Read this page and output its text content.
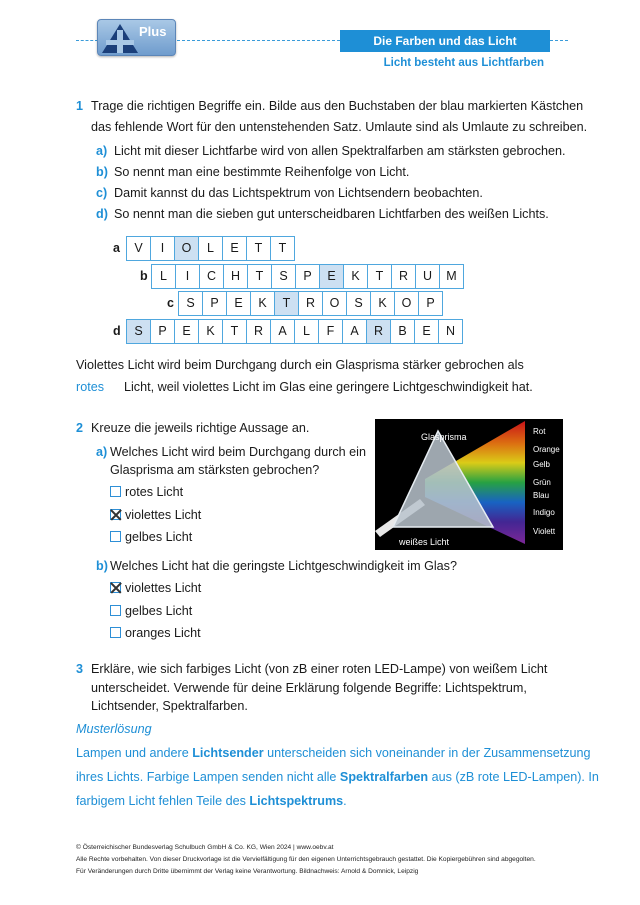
Plus
Die Farben und das Licht
Licht besteht aus Lichtfarben
1 Trage die richtigen Begriffe ein. Bilde aus den Buchstaben der blau markierten Kästchen
das fehlende Wort für den untenstehenden Satz. Umlaute sind als Umlaute zu schreiben.
a) Licht mit dieser Lichtfarbe wird von allen Spektralfarben am stärksten gebrochen.
b) So nennt man eine bestimmte Reihenfolge von Licht.
c) Damit kannst du das Lichtspektrum von Lichtsendern beobachten.
d) So nennt man die sieben gut unterscheidbaren Lichtfarben des weißen Lichts.
a	V	I	O	L	E	T	T
b L	I	C	H	T	S	P	E	K	T	R	U	M
c S	P	E	K	T	R	O	S	K	O	P
d	S	P	E	K	T	R	A	L	F	A	R	B	E	N
Violettes Licht wird beim Durchgang durch ein Glasprisma stärker gebrochen als
rotes Licht, weil violettes Licht im Glas eine geringere Lichtgeschwindigkeit hat.
2 Kreuze die jeweils richtige Aussage an.
a) Welches Licht wird beim Durchgang durch ein
Glasprisma am stärksten gebrochen?
rotes Licht
violettes Licht
gelbes Licht
b) Welches Licht hat die geringste Lichtgeschwindigkeit im Glas?
violettes Licht
gelbes Licht
oranges Licht
Glasprisma
weißes Licht
Rot
Orange
Gelb
Grün
Blau
Indigo
Violett
3 Erkläre, wie sich farbiges Licht (von zB einer roten LED-Lampe) von weißem Licht
unterscheidet. Verwende für deine Erklärung folgende Begriffe: Lichtspektrum,
Lichtsender, Spektralfarben.
Musterlösung
Lampen und andere Lichtsender unterscheiden sich voneinander in der Zusammensetzung
ihres Lichts. Farbige Lampen senden nicht alle Spektralfarben aus (zB rote LED-Lampen). In
farbigem Licht fehlen Teile des Lichtspektrums.
© Österreichischer Bundesverlag Schulbuch GmbH & Co. KG, Wien 2024 | www.oebv.at
Alle Rechte vorbehalten. Von dieser Druckvorlage ist die Vervielfältigung für den eigenen Unterrichtsgebrauch gestattet. Die Kopiergebühren sind abgegolten.
Für Veränderungen durch Dritte übernimmt der Verlag keine Verantwortung. Bildnachweis: Arnold & Domnick, Leipzig
